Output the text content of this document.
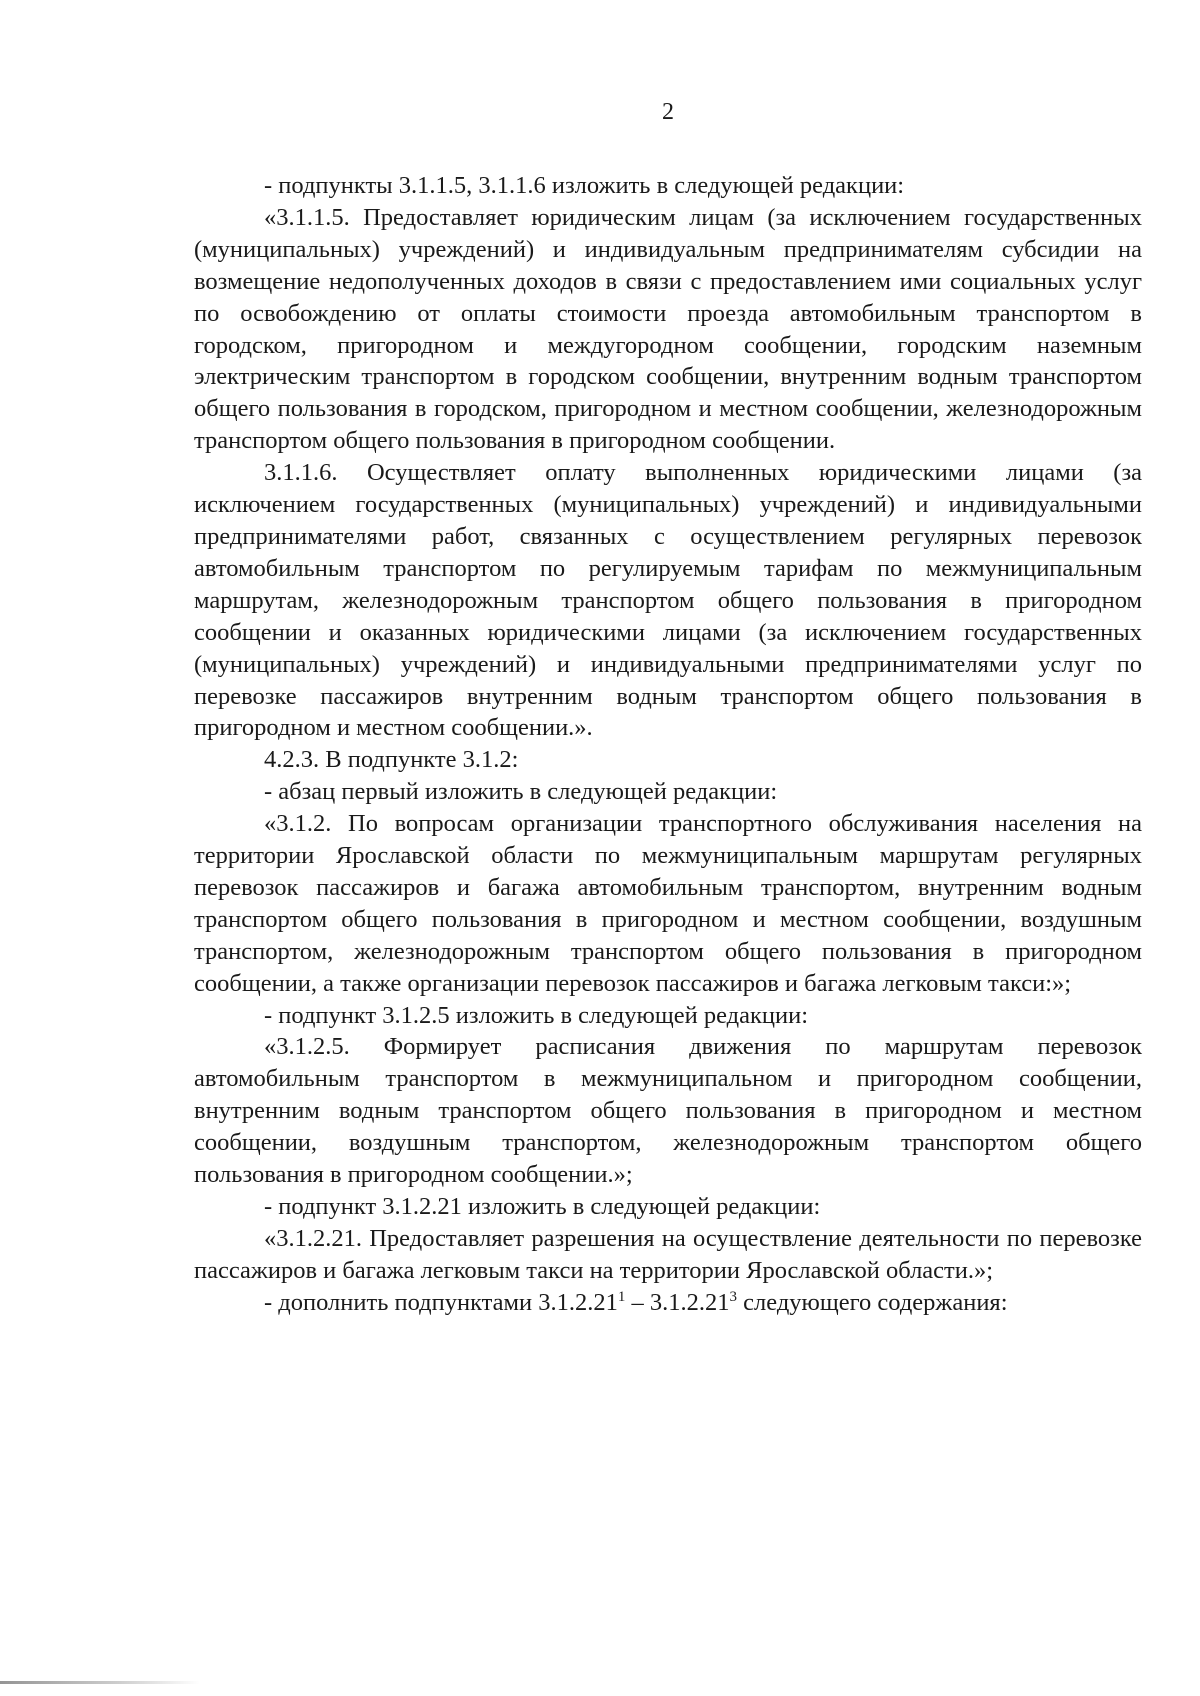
2

- подпункты 3.1.1.5, 3.1.1.6 изложить в следующей редакции:

«3.1.1.5. Предоставляет юридическим лицам (за исключением государственных (муниципальных) учреждений) и индивидуальным предпринимателям субсидии на возмещение недополученных доходов в связи с предоставлением ими социальных услуг по освобождению от оплаты стоимости проезда автомобильным транспортом в городском, пригородном и междугородном сообщении, городским наземным электрическим транспортом в городском сообщении, внутренним водным транспортом общего пользования в городском, пригородном и местном сообщении, железнодорожным транспортом общего пользования в пригородном сообщении.

3.1.1.6. Осуществляет оплату выполненных юридическими лицами (за исключением государственных (муниципальных) учреждений) и индивидуальными предпринимателями работ, связанных с осуществлением регулярных перевозок автомобильным транспортом по регулируемым тарифам по межмуниципальным маршрутам, железнодорожным транспортом общего пользования в пригородном сообщении и оказанных юридическими лицами (за исключением государственных (муниципальных) учреждений) и индивидуальными предпринимателями услуг по перевозке пассажиров внутренним водным транспортом общего пользования в пригородном и местном сообщении.».

4.2.3. В подпункте 3.1.2:

- абзац первый изложить в следующей редакции:

«3.1.2. По вопросам организации транспортного обслуживания населения на территории Ярославской области по межмуниципальным маршрутам регулярных перевозок пассажиров и багажа автомобильным транспортом, внутренним водным транспортом общего пользования в пригородном и местном сообщении, воздушным транспортом, железнодорожным транспортом общего пользования в пригородном сообщении, а также организации перевозок пассажиров и багажа легковым такси:»;

- подпункт 3.1.2.5 изложить в следующей редакции:

«3.1.2.5. Формирует расписания движения по маршрутам перевозок автомобильным транспортом в межмуниципальном и пригородном сообщении, внутренним водным транспортом общего пользования в пригородном и местном сообщении, воздушным транспортом, железнодорожным транспортом общего пользования в пригородном сообщении.»;

- подпункт 3.1.2.21 изложить в следующей редакции:

«3.1.2.21. Предоставляет разрешения на осуществление деятельности по перевозке пассажиров и багажа легковым такси на территории Ярославской области.»;

- дополнить подпунктами 3.1.2.21$^1$ – 3.1.2.21$^3$ следующего содержания:
